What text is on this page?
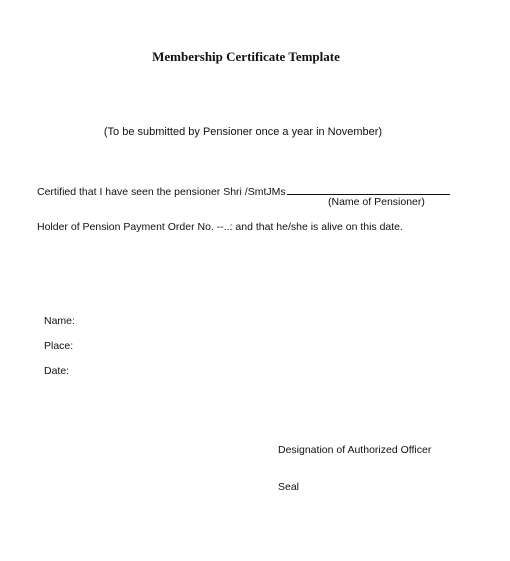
Membership Certificate Template
(To be submitted by Pensioner once a year in November)
Certified that I have seen the pensioner Shri /SmtJMs
(Name of Pensioner)
Holder of Pension Payment Order No. --..: and that he/she is alive on this date.
Name:
Place:
Date:
Designation of Authorized Officer
Seal
